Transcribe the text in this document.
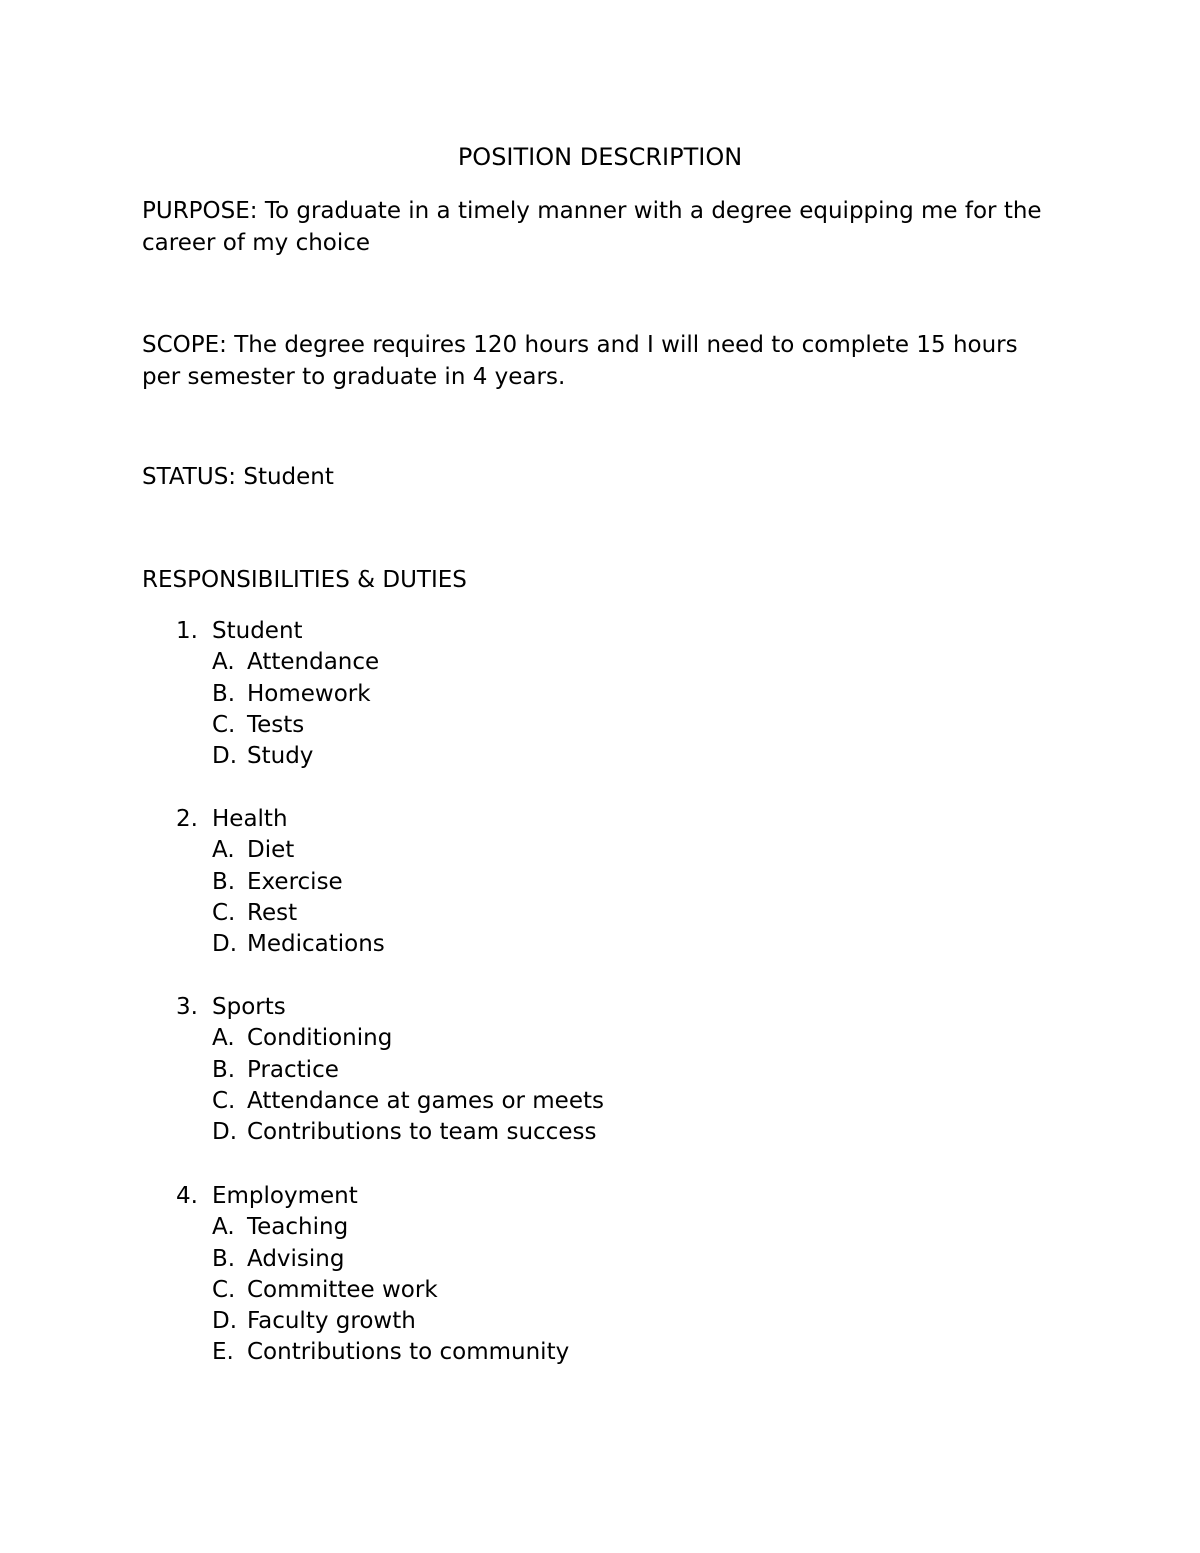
POSITION DESCRIPTION

PURPOSE: To graduate in a timely manner with a degree equipping me for the career of my choice

SCOPE: The degree requires 120 hours and I will need to complete 15 hours per semester to graduate in 4 years.

STATUS: Student

RESPONSIBILITIES & DUTIES

1. Student
A. Attendance
B. Homework
C. Tests
D. Study
2. Health
A. Diet
B. Exercise
C. Rest
D. Medications
3. Sports
A. Conditioning
B. Practice
C. Attendance at games or meets
D. Contributions to team success
4. Employment
A. Teaching
B. Advising
C. Committee work
D. Faculty growth
E. Contributions to community
